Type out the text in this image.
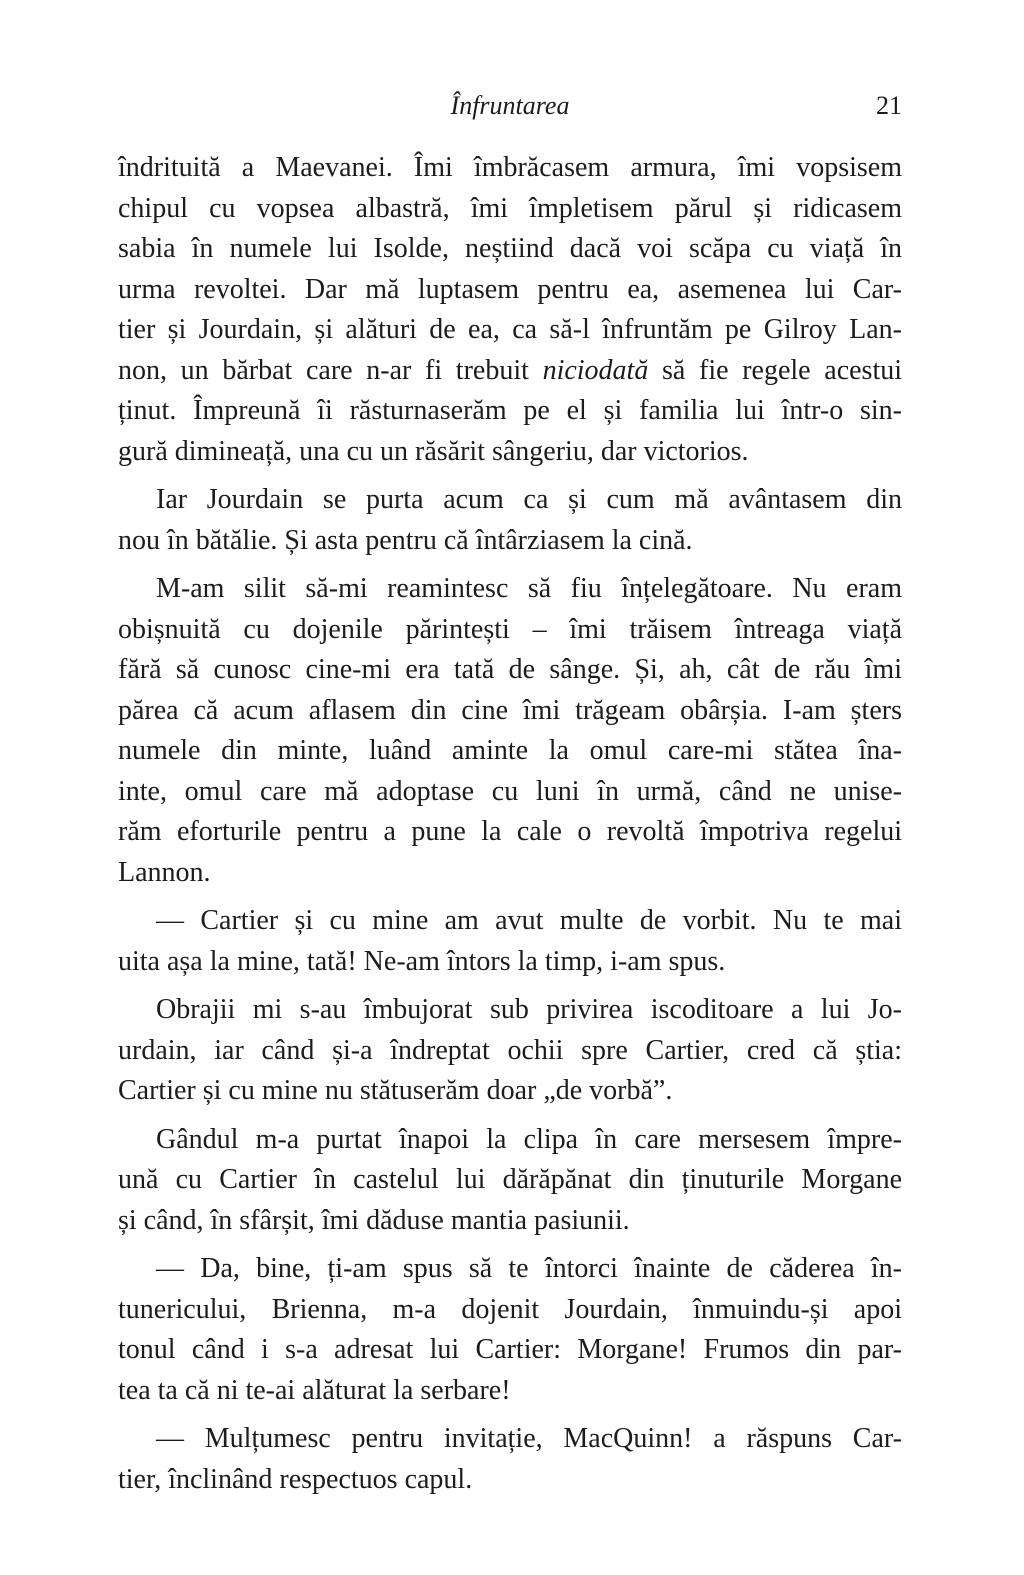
Înfruntarea	21
îndrituită a Maevanei. Îmi îmbrăcasem armura, îmi vopsisem
chipul cu vopsea albastră, îmi împletisem părul și ridicasem
sabia în numele lui Isolde, neștiind dacă voi scăpa cu viață în
urma revoltei. Dar mă luptasem pentru ea, asemenea lui Car-
tier și Jourdain, și alături de ea, ca să-l înfruntăm pe Gilroy Lan-
non, un bărbat care n-ar fi trebuit niciodată să fie regele acestui
ținut. Împreună îi răsturnaserăm pe el și familia lui într-o sin-
gură dimineață, una cu un răsărit sângeriu, dar victorios.
Iar Jourdain se purta acum ca și cum mă avântasem din
nou în bătălie. Și asta pentru că întârziasem la cină.
M-am silit să-mi reamintesc să fiu înțelegătoare. Nu eram
obișnuită cu dojenile părintești – îmi trăisem întreaga viață
fără să cunosc cine-mi era tată de sânge. Și, ah, cât de rău îmi
părea că acum aflasem din cine îmi trăgeam obârșia. I-am șters
numele din minte, luând aminte la omul care-mi stătea îna-
inte, omul care mă adoptase cu luni în urmă, când ne unise-
răm eforturile pentru a pune la cale o revoltă împotriva regelui
Lannon.
— Cartier și cu mine am avut multe de vorbit. Nu te mai
uita așa la mine, tată! Ne-am întors la timp, i-am spus.
Obrajii mi s-au îmbujorat sub privirea iscoditoare a lui Jo-
urdain, iar când și-a îndreptat ochii spre Cartier, cred că știa:
Cartier și cu mine nu stătuserăm doar „de vorbă”.
Gândul m-a purtat înapoi la clipa în care mersesem împre-
ună cu Cartier în castelul lui dărăpănat din ținuturile Morgane
și când, în sfârșit, îmi dăduse mantia pasiunii.
— Da, bine, ți-am spus să te întorci înainte de căderea în-
tunericului, Brienna, m-a dojenit Jourdain, înmuindu-și apoi
tonul când i s-a adresat lui Cartier: Morgane! Frumos din par-
tea ta că ni te-ai alăturat la serbare!
— Mulțumesc pentru invitație, MacQuinn! a răspuns Car-
tier, înclinând respectuos capul.
